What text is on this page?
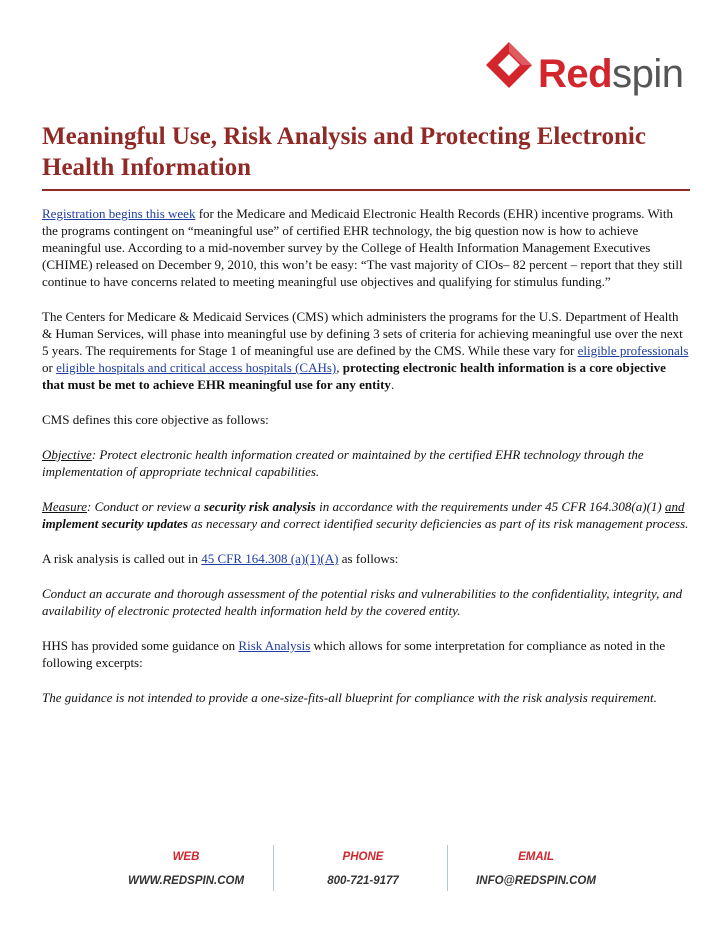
Redspin
Meaningful Use, Risk Analysis and Protecting Electronic Health Information

Registration begins this week for the Medicare and Medicaid Electronic Health Records (EHR) incentive programs. With the programs contingent on “meaningful use” of certified EHR technology, the big question now is how to achieve meaningful use. According to a mid-november survey by the College of Health Information Management Executives (CHIME) released on December 9, 2010, this won’t be easy: “The vast majority of CIOs– 82 percent – report that they still continue to have concerns related to meeting meaningful use objectives and qualifying for stimulus funding.”

The Centers for Medicare & Medicaid Services (CMS) which administers the programs for the U.S. Department of Health & Human Services, will phase into meaningful use by defining 3 sets of criteria for achieving meaningful use over the next 5 years. The requirements for Stage 1 of meaningful use are defined by the CMS. While these vary for eligible professionals or eligible hospitals and critical access hospitals (CAHs), protecting electronic health information is a core objective that must be met to achieve EHR meaningful use for any entity.

CMS defines this core objective as follows:

Objective: Protect electronic health information created or maintained by the certified EHR technology through the implementation of appropriate technical capabilities.

Measure: Conduct or review a security risk analysis in accordance with the requirements under 45 CFR 164.308(a)(1) and implement security updates as necessary and correct identified security deficiencies as part of its risk management process.

A risk analysis is called out in 45 CFR 164.308 (a)(1)(A) as follows:

Conduct an accurate and thorough assessment of the potential risks and vulnerabilities to the confidentiality, integrity, and availability of electronic protected health information held by the covered entity.

HHS has provided some guidance on Risk Analysis which allows for some interpretation for compliance as noted in the following excerpts:

The guidance is not intended to provide a one-size-fits-all blueprint for compliance with the risk analysis requirement.

WEB
WWW.REDSPIN.COM
PHONE
800-721-9177
EMAIL
INFO@REDSPIN.COM
